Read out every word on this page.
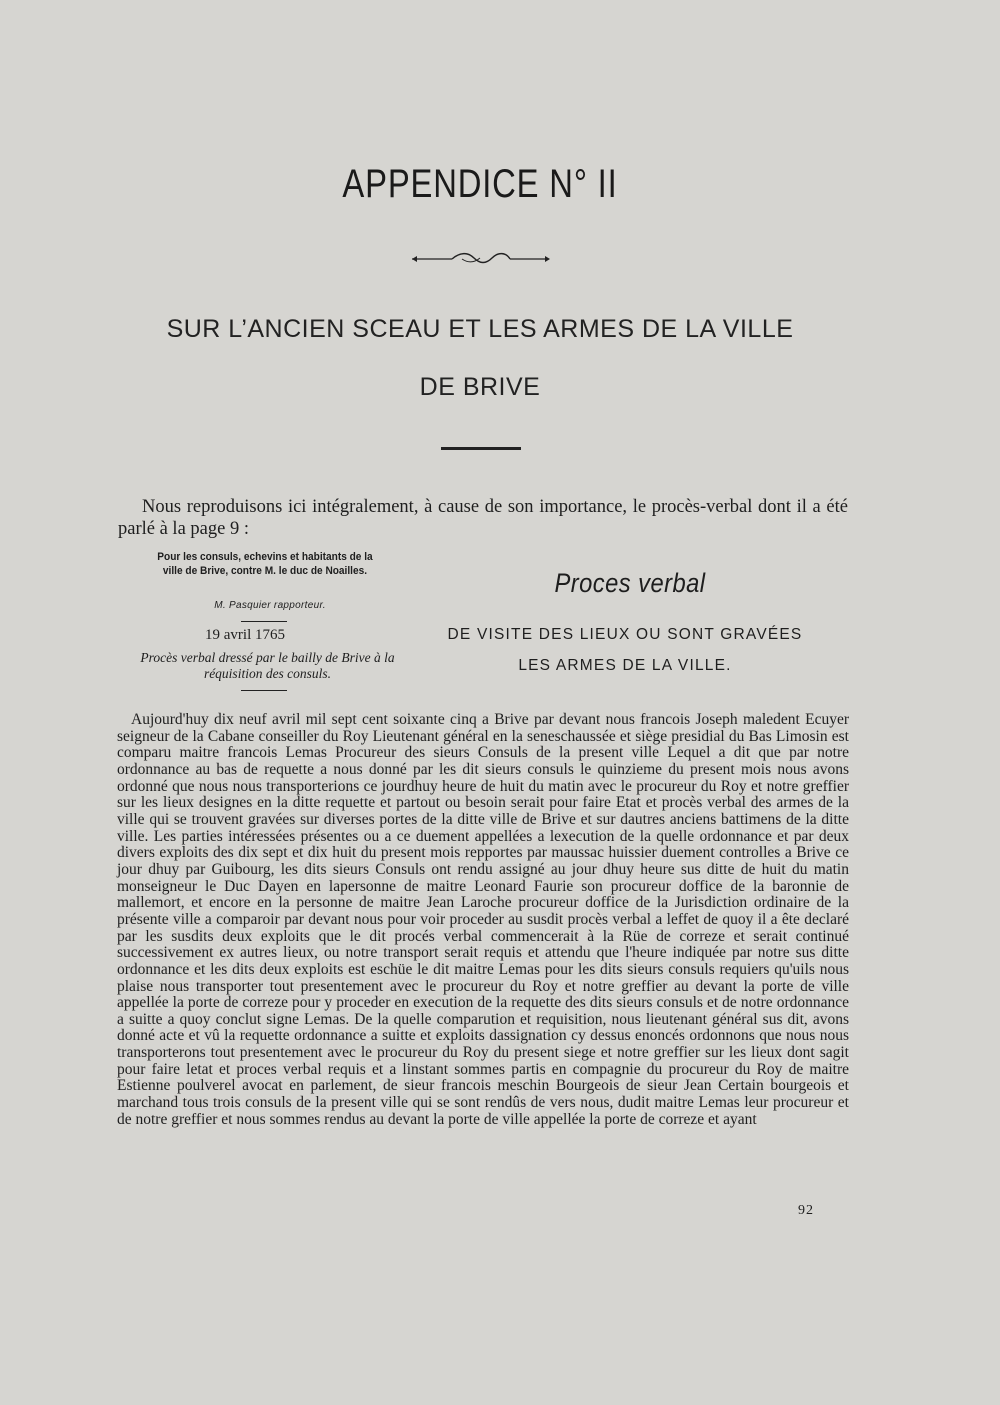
APPENDICE N° II
SUR L’ANCIEN SCEAU ET LES ARMES DE LA VILLE
DE BRIVE

Nous reproduisons ici intégralement, à cause de son importance, le procès-verbal dont il a été parlé à la page 9 :

Pour les consuls, echevins et habitants de la ville de Brive, contre M. le duc de Noailles.
M. Pasquier rapporteur.
19 avril 1765
Procès verbal dressé par le bailly de Brive à la réquisition des consuls.
Proces verbal
DE VISITE DES LIEUX OU SONT GRAVÉES
LES ARMES DE LA VILLE.

Aujourd'huy dix neuf avril mil sept cent soixante cinq a Brive par devant nous francois Joseph maledent Ecuyer seigneur de la Cabane conseiller du Roy Lieutenant général en la seneschaussée et siège presidial du Bas Limosin est comparu maitre francois Lemas Procureur des sieurs Consuls de la present ville Lequel a dit que par notre ordonnance au bas de requette a nous donné par les dit sieurs consuls le quinzieme du present mois nous avons ordonné que nous nous transporterions ce jourdhuy heure de huit du matin avec le procureur du Roy et notre greffier sur les lieux designes en la ditte requette et partout ou besoin serait pour faire Etat et procès verbal des armes de la ville qui se trouvent gravées sur diverses portes de la ditte ville de Brive et sur dautres anciens battimens de la ditte ville. Les parties intéressées présentes ou a ce duement appellées a lexecution de la quelle ordonnance et par deux divers exploits des dix sept et dix huit du present mois repportes par maussac huissier duement controlles a Brive ce jour dhuy par Guibourg, les dits sieurs Consuls ont rendu assigné au jour dhuy heure sus ditte de huit du matin monseigneur le Duc Dayen en lapersonne de maitre Leonard Faurie son procureur doffice de la baronnie de mallemort, et encore en la personne de maitre Jean Laroche procureur doffice de la Jurisdiction ordinaire de la présente ville a comparoir par devant nous pour voir proceder au susdit procès verbal a leffet de quoy il a ête declaré par les susdits deux exploits que le dit procés verbal commencerait à la Rüe de correze et serait continué successivement ex autres lieux, ou notre transport serait requis et attendu que l'heure indiquée par notre sus ditte ordonnance et les dits deux exploits est eschüe le dit maitre Lemas pour les dits sieurs consuls requiers qu'uils nous plaise nous transporter tout presentement avec le procureur du Roy et notre greffier au devant la porte de ville appellée la porte de correze pour y proceder en execution de la requette des dits sieurs consuls et de notre ordonnance a suitte a quoy conclut signe Lemas. De la quelle comparution et requisition, nous lieutenant général sus dit, avons donné acte et vû la requette ordonnance a suitte et exploits dassignation cy dessus enoncés ordonnons que nous nous transporterons tout presentement avec le procureur du Roy du present siege et notre greffier sur les lieux dont sagit pour faire letat et proces verbal requis et a linstant sommes partis en compagnie du procureur du Roy de maitre Estienne poulverel avocat en parlement, de sieur francois meschin Bourgeois de sieur Jean Certain bourgeois et marchand tous trois consuls de la present ville qui se sont rendûs de vers nous, dudit maitre Lemas leur procureur et de notre greffier et nous sommes rendus au devant la porte de ville appellée la porte de correze et ayant

92
